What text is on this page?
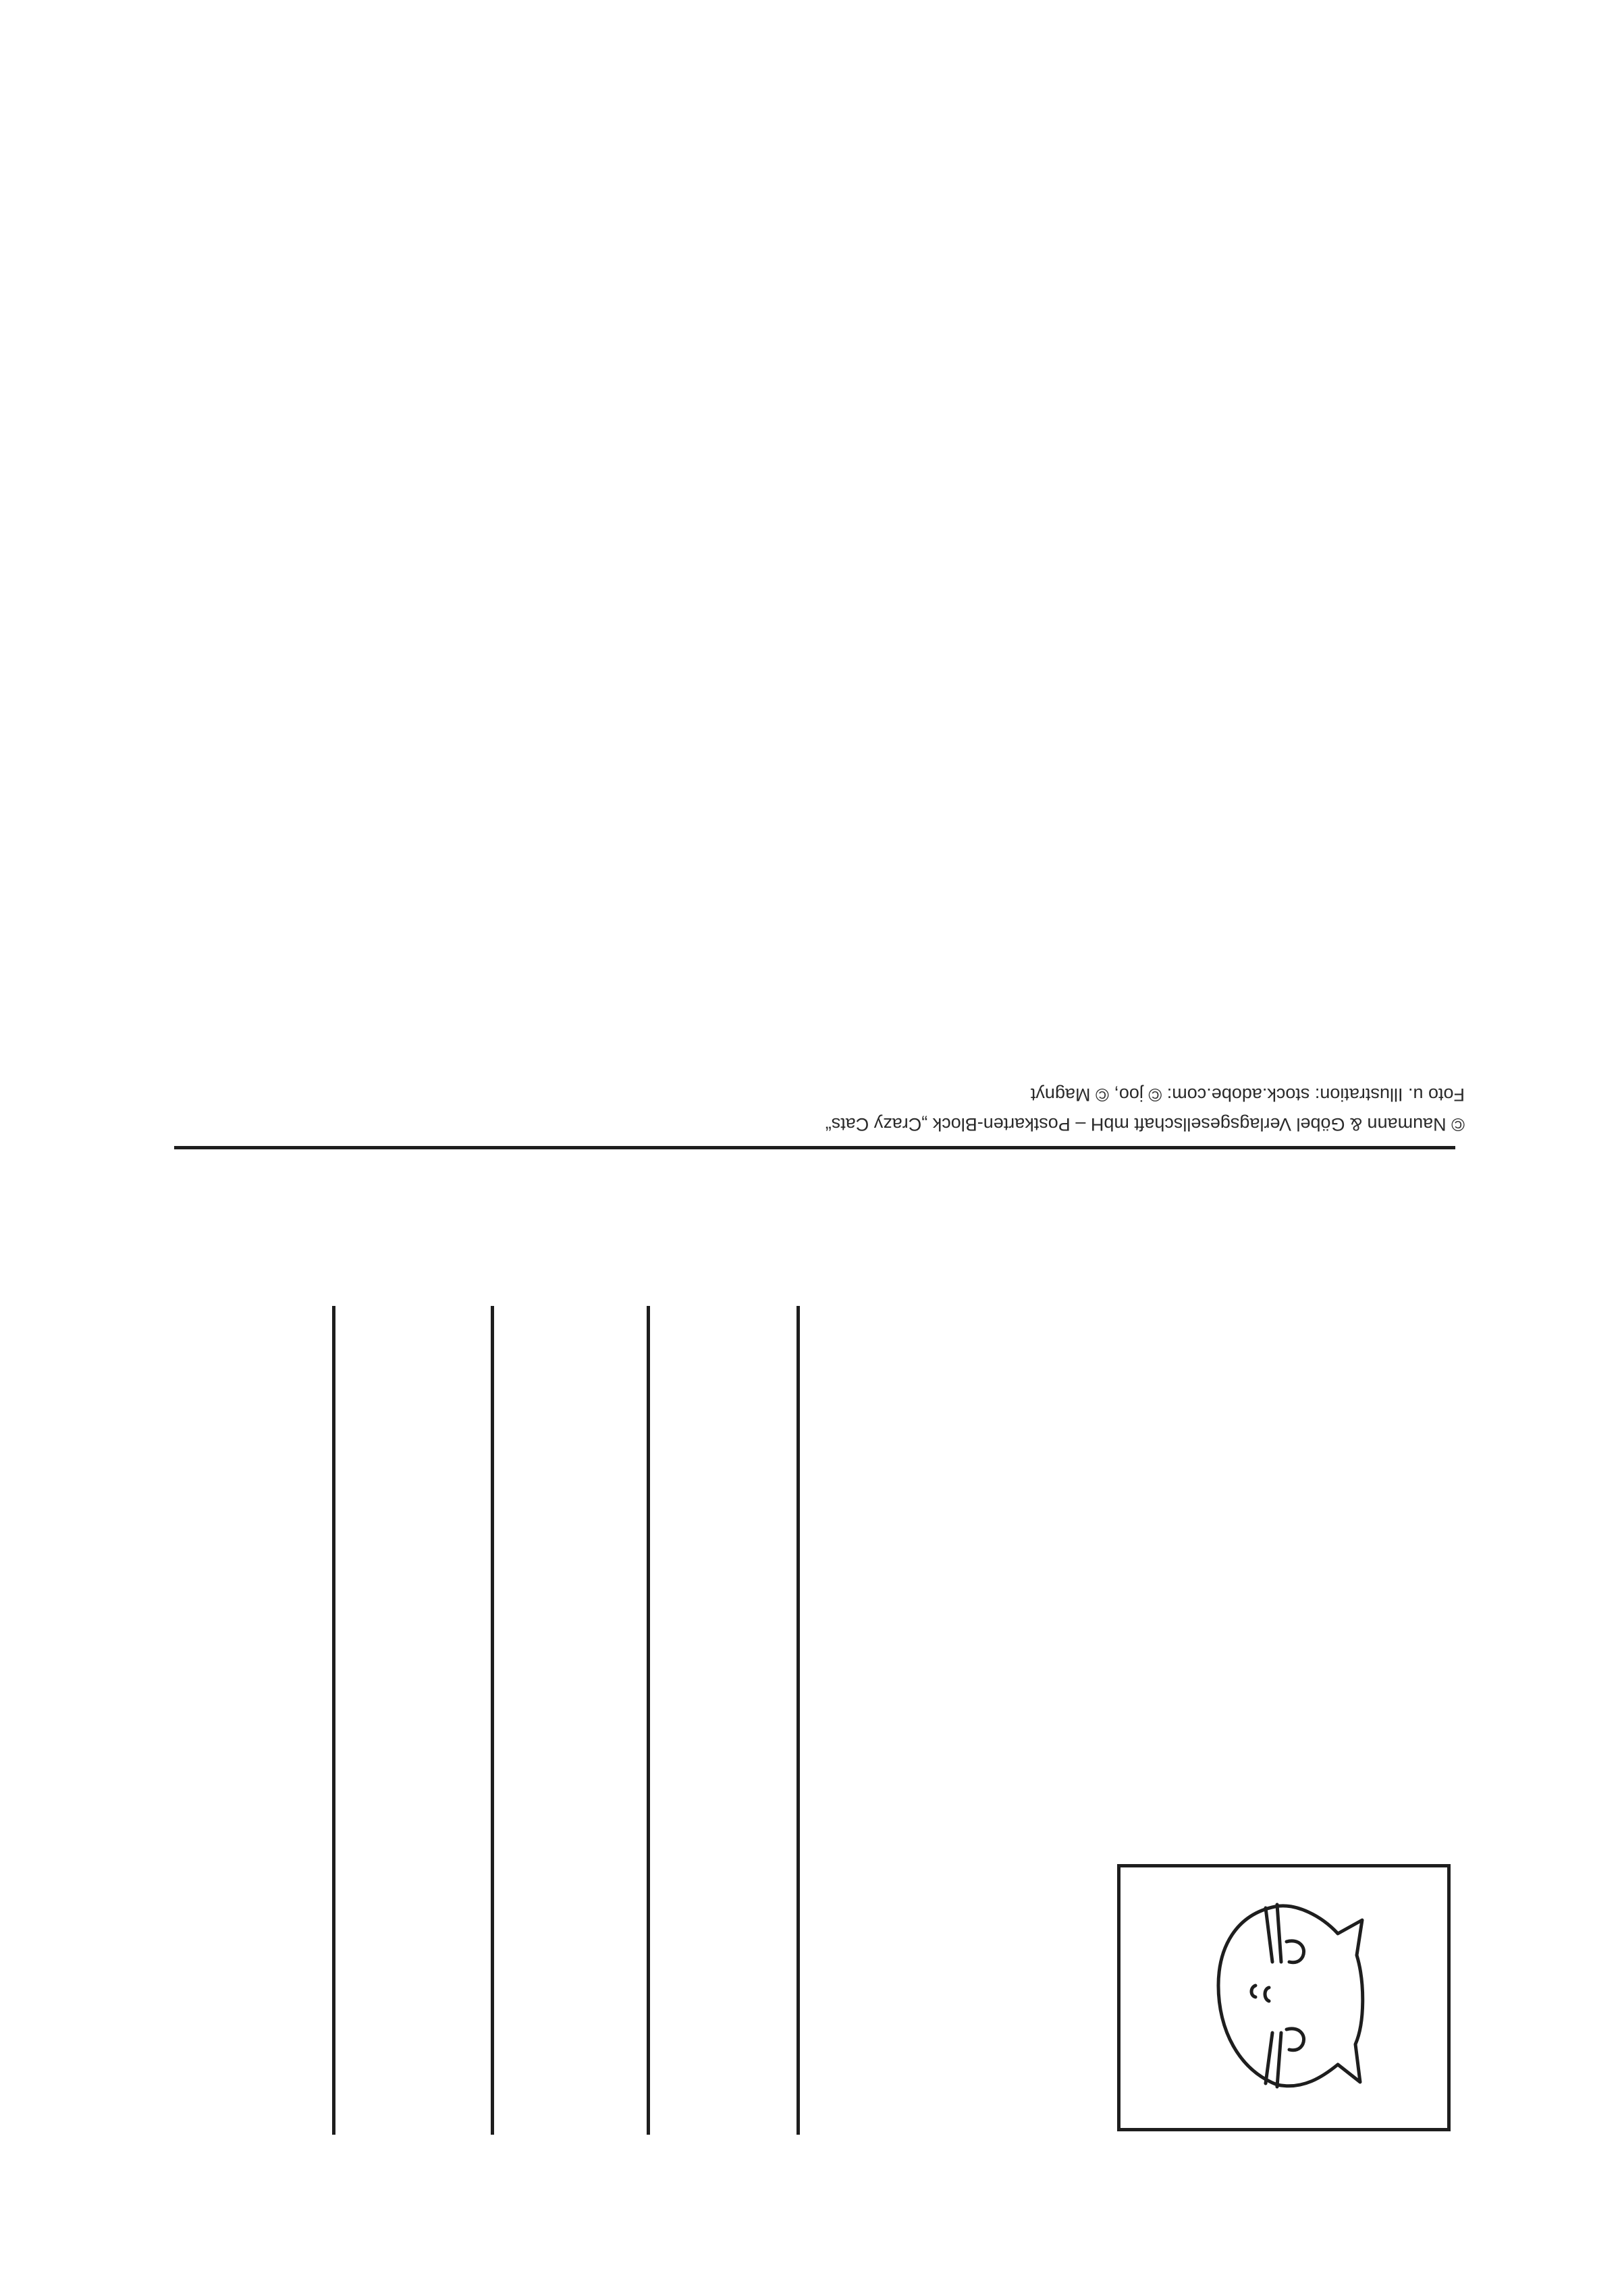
© Naumann & Göbel Verlagsgesellschaft mbH – Postkarten-Block „Crazy Cats“
Foto u. Illustration: stock.adobe.com: © joo, © Magnyt
